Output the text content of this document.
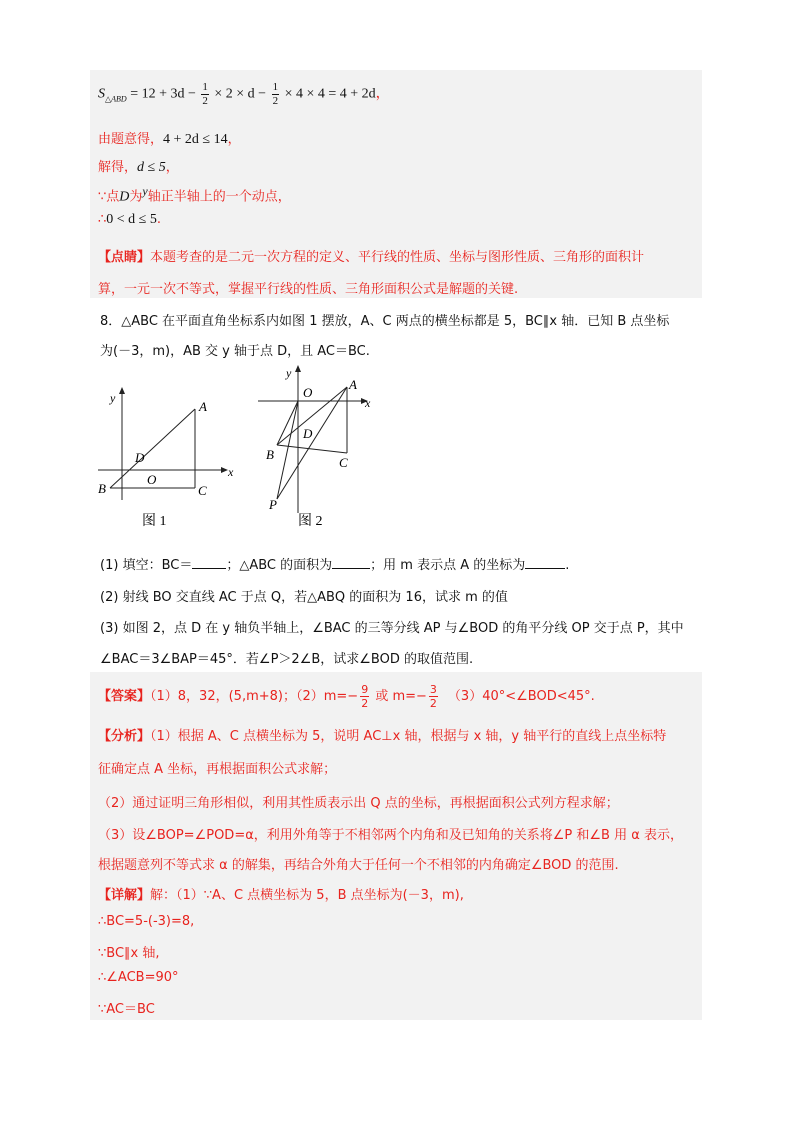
$S_{\triangle ABD} = 12 + 3d - \frac{1}{2} \times 2 \times d - \frac{1}{2} \times 4 \times 4 = 4 + 2d$，
由题意得，4 + 2d ≤ 14，
解得，d ≤ 5，
∵点D为$^y$轴正半轴上的一个动点，
∴0 < d ≤ 5.
【点睛】本题考查的是二元一次方程的定义、平行线的性质、坐标与图形性质、三角形的面积计
算，一元一次不等式，掌握平行线的性质、三角形面积公式是解题的关键.
8．△ABC 在平面直角坐标系内如图 1 摆放，A、C 两点的横坐标都是 5，BC∥x 轴．已知 B 点坐标
为(－3，m)，AB 交 y 轴于点 D，且 AC＝BC.
y
x
A
B	C
D
O
图 1
y
x
O
A
D
B
C
P
图 2
(1) 填空：BC＝	；△ABC 的面积为	；用 m 表示点 A 的坐标为	.
(2) 射线 BO 交直线 AC 于点 Q，若△ABQ 的面积为 16，试求 m 的值
(3) 如图 2，点 D 在 y 轴负半轴上，∠BAC 的三等分线 AP 与∠BOD 的角平分线 OP 交于点 P，其中
∠BAC＝3∠BAP＝45°．若∠P＞2∠B，试求∠BOD 的取值范围.
【答案】（1）8，32，(5,m+8)；$(2)m=- \frac{9}{2}$ 或 $m=- \frac{3}{2}$ （3）40°<∠BOD<45°.
【分析】（1）根据 A、C 点横坐标为 5，说明 AC⊥x 轴，根据与 x 轴，y 轴平行的直线上点坐标特
征确定点 A 坐标，再根据面积公式求解；
（2）通过证明三角形相似，利用其性质表示出 Q 点的坐标，再根据面积公式列方程求解；
（3）设∠BOP=∠POD=α，利用外角等于不相邻两个内角和及已知角的关系将∠P 和∠B 用 α 表示，
根据题意列不等式求 α 的解集，再结合外角大于任何一个不相邻的内角确定∠BOD 的范围.
【详解】解：（1）∵A、C 点横坐标为 5，B 点坐标为(－3，m),
∴BC=5-(-3)=8,
∵BC∥x 轴,
∴∠ACB=90°
∵AC＝BC
